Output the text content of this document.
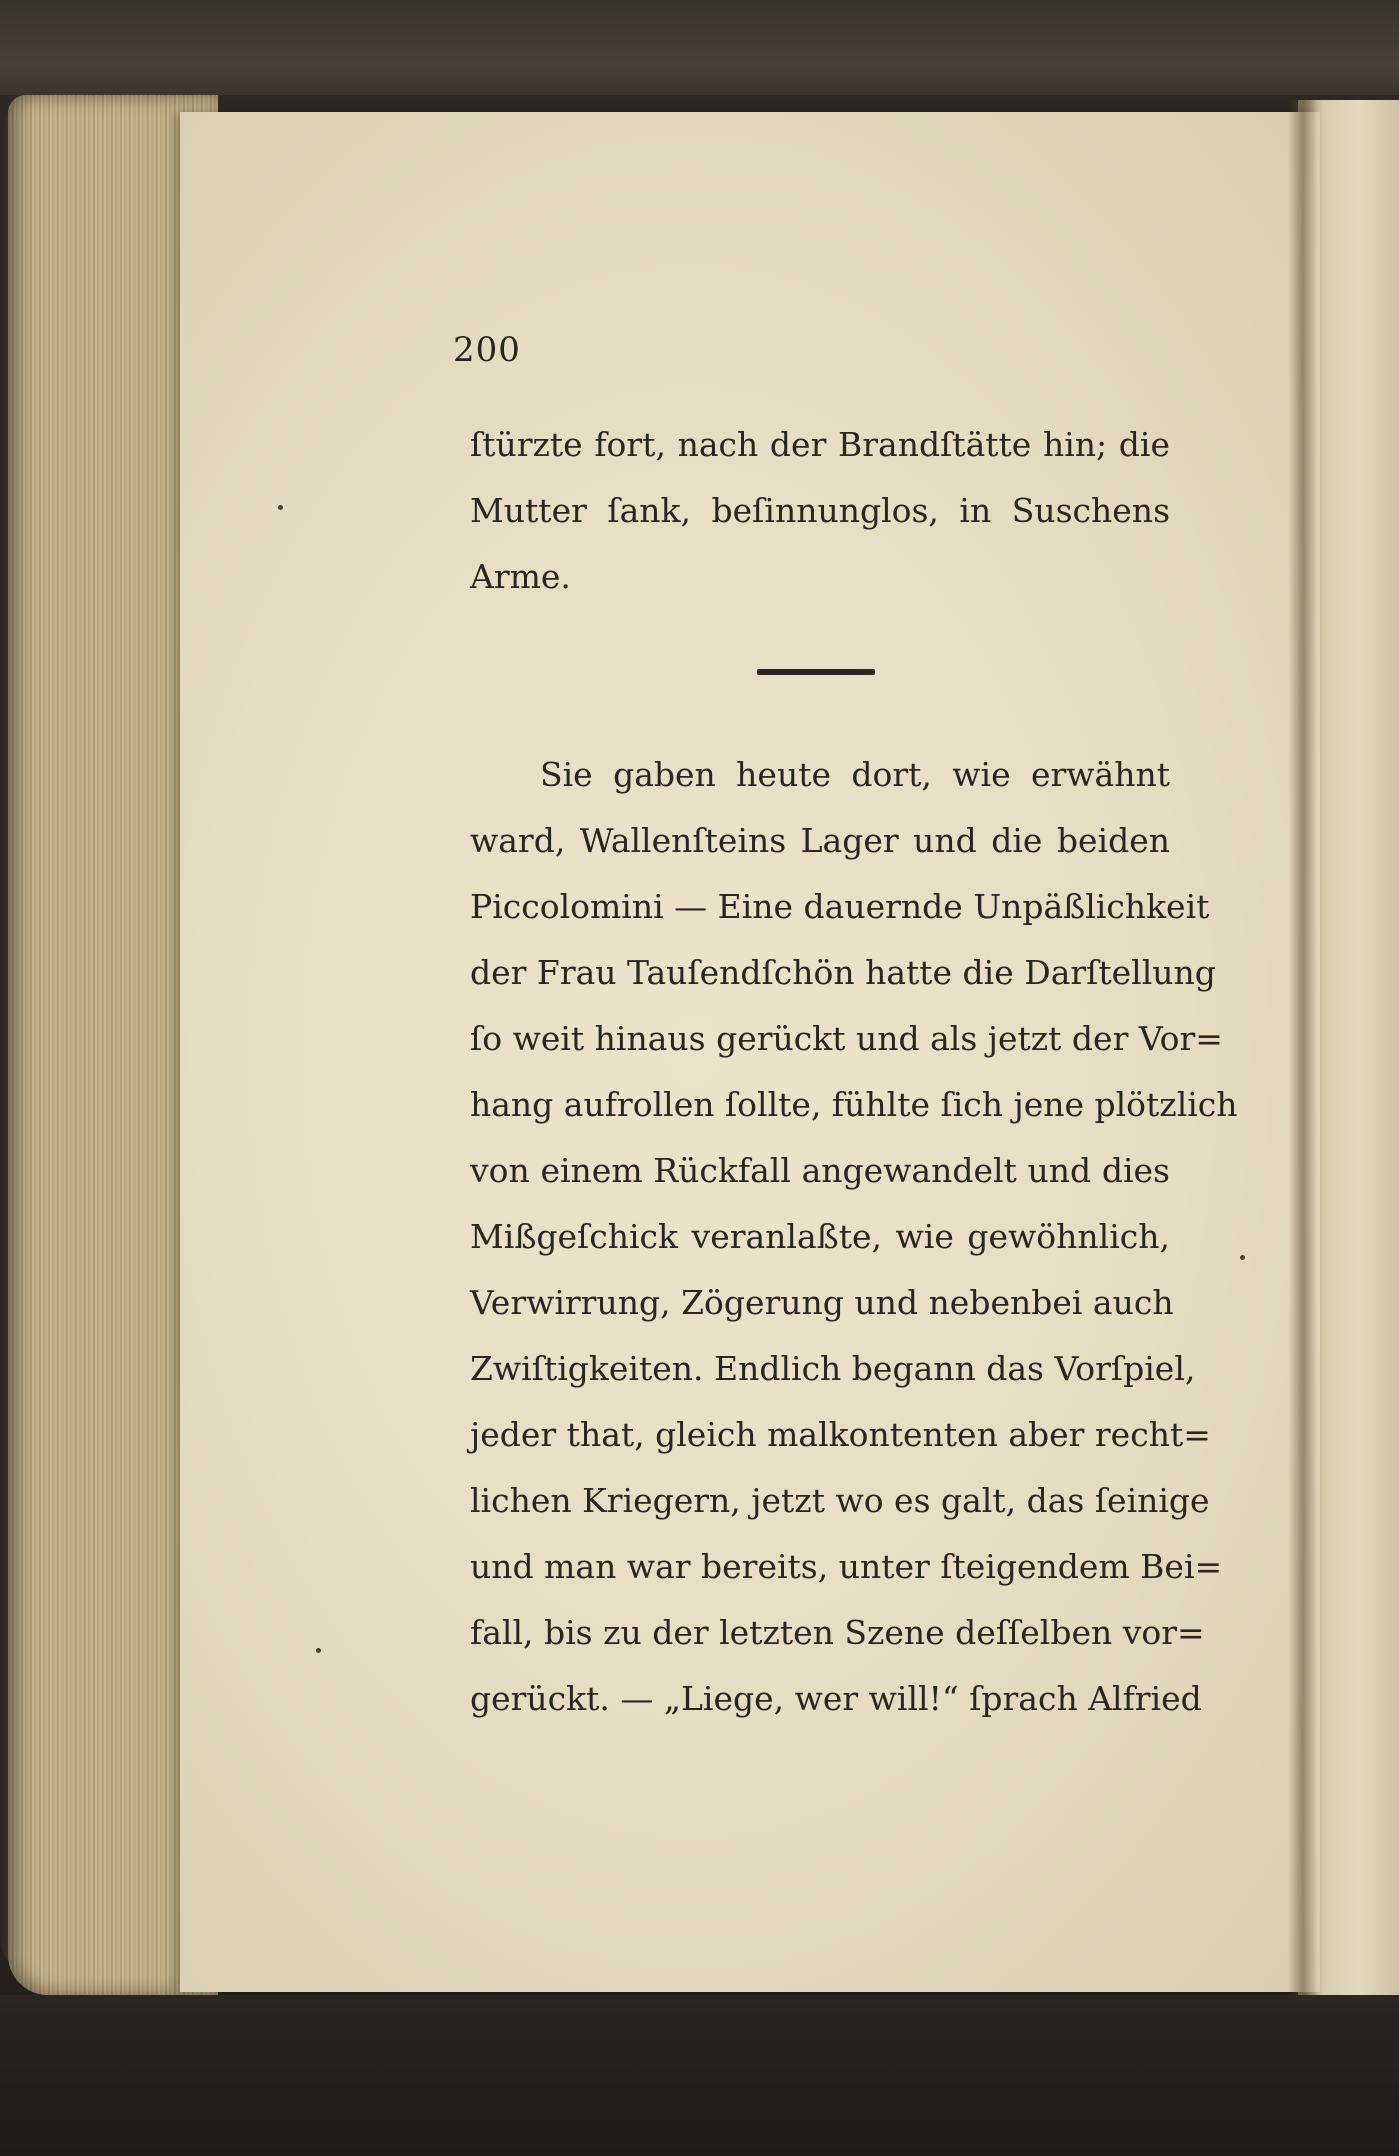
200
ſtürzte fort, nach der Brandſtätte hin; die
Mutter ſank, beſinnunglos, in Suschens
Arme.
Sie gaben heute dort, wie erwähnt
ward, Wallenſteins Lager und die beiden
Piccolomini — Eine dauernde Unpäßlichkeit
der Frau Tauſendſchön hatte die Darſtellung
ſo weit hinaus gerückt und als jetzt der Vor=
hang aufrollen ſollte, fühlte ſich jene plötzlich
von einem Rückfall angewandelt und dies
Mißgeſchick veranlaßte, wie gewöhnlich,
Verwirrung, Zögerung und nebenbei auch
Zwiſtigkeiten. Endlich begann das Vorſpiel,
jeder that, gleich malkontenten aber recht=
lichen Kriegern, jetzt wo es galt, das ſeinige
und man war bereits, unter ſteigendem Bei=
fall, bis zu der letzten Szene deſſelben vor=
gerückt. — „Liege, wer will!“ ſprach Alfried
